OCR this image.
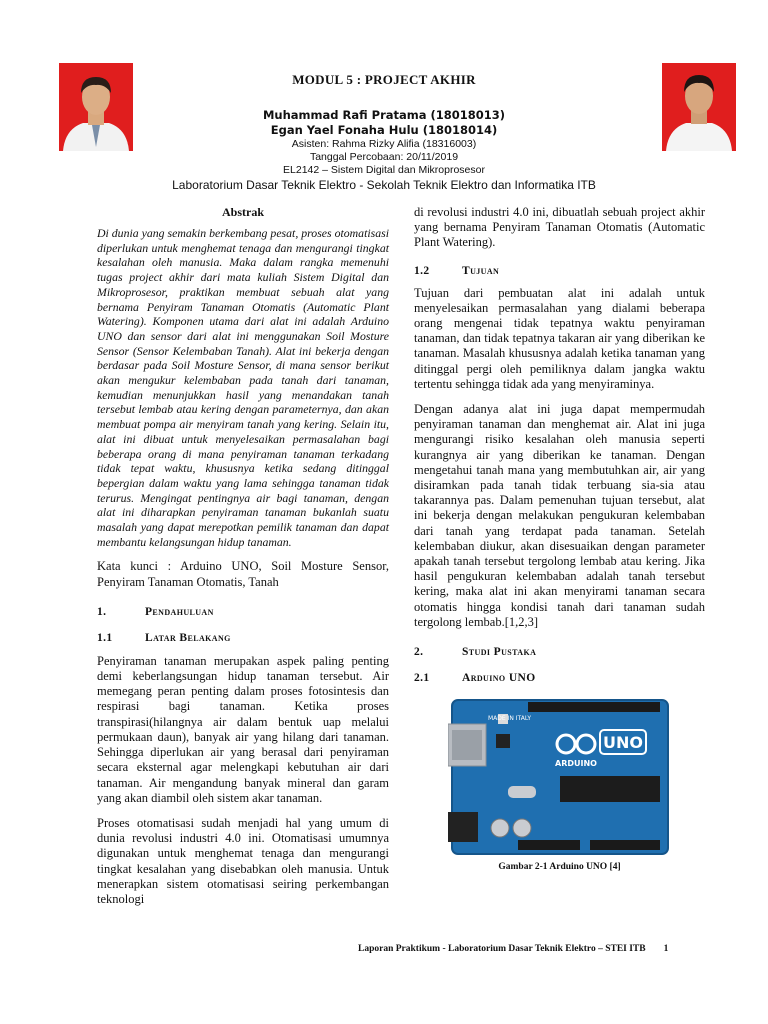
MODUL 5 : PROJECT AKHIR
Muhammad Rafi Pratama (18018013)
Egan Yael Fonaha Hulu (18018014)
Asisten: Rahma Rizky Alifia (18316003)
Tanggal Percobaan: 20/11/2019
EL2142 – Sistem Digital dan Mikroprosesor
Laboratorium Dasar Teknik Elektro - Sekolah Teknik Elektro dan Informatika ITB
Abstrak

Di dunia yang semakin berkembang pesat, proses otomatisasi diperlukan untuk menghemat tenaga dan mengurangi tingkat kesalahan oleh manusia. Maka dalam rangka memenuhi tugas project akhir dari mata kuliah Sistem Digital dan Mikroprosesor, praktikan membuat sebuah alat yang bernama Penyiram Tanaman Otomatis (Automatic Plant Watering). Komponen utama dari alat ini adalah Arduino UNO dan sensor dari alat ini menggunakan Soil Mosture Sensor (Sensor Kelembaban Tanah). Alat ini bekerja dengan berdasar pada Soil Mosture Sensor, di mana sensor berikut akan mengukur kelembaban pada tanah dari tanaman, kemudian menunjukkan hasil yang menandakan tanah tersebut lembab atau kering dengan parameternya, dan akan membuat pompa air menyiram tanah yang kering. Selain itu, alat ini dibuat untuk menyelesaikan permasalahan bagi beberapa orang di mana penyiraman tanaman terkadang tidak tepat waktu, khususnya ketika sedang ditinggal bepergian dalam waktu yang lama sehingga tanaman tidak terurus. Mengingat pentingnya air bagi tanaman, dengan alat ini diharapkan penyiraman tanaman bukanlah suatu masalah yang dapat merepotkan pemilik tanaman dan dapat membantu kelangsungan hidup tanaman.

Kata kunci : Arduino UNO, Soil Mosture Sensor, Penyiram Tanaman Otomatis, Tanah

1.	Pendahuluan
1.1	Latar Belakang

Penyiraman tanaman merupakan aspek paling penting demi keberlangsungan hidup tanaman tersebut. Air memegang peran penting dalam proses fotosintesis dan respirasi bagi tanaman. Ketika proses transpirasi(hilangnya air dalam bentuk uap melalui permukaan daun), banyak air yang hilang dari tanaman. Sehingga diperlukan air yang berasal dari penyiraman secara eksternal agar melengkapi kebutuhan air dari tanaman. Air mengandung banyak mineral dan garam yang akan diambil oleh sistem akar tanaman.

Proses otomatisasi sudah menjadi hal yang umum di dunia revolusi industri 4.0 ini. Otomatisasi umumnya digunakan untuk menghemat tenaga dan mengurangi tingkat kesalahan yang disebabkan oleh manusia. Untuk menerapkan sistem otomatisasi seiring perkembangan teknologi

di revolusi industri 4.0 ini, dibuatlah sebuah project akhir yang bernama Penyiram Tanaman Otomatis (Automatic Plant Watering).

1.2	Tujuan

Tujuan dari pembuatan alat ini adalah untuk menyelesaikan permasalahan yang dialami beberapa orang mengenai tidak tepatnya waktu penyiraman tanaman, dan tidak tepatnya takaran air yang diberikan ke tanaman. Masalah khususnya adalah ketika tanaman yang ditinggal pergi oleh pemiliknya dalam jangka waktu tertentu sehingga tidak ada yang menyiraminya.

Dengan adanya alat ini juga dapat mempermudah penyiraman tanaman dan menghemat air. Alat ini juga mengurangi risiko kesalahan oleh manusia seperti kurangnya air yang diberikan ke tanaman. Dengan mengetahui tanah mana yang membutuhkan air, air yang disiramkan pada tanah tidak terbuang sia-sia atau takarannya pas. Dalam pemenuhan tujuan tersebut, alat ini bekerja dengan melakukan pengukuran kelembaban dari tanah yang terdapat pada tanaman. Setelah kelembaban diukur, akan disesuaikan dengan parameter apakah tanah tersebut tergolong lembab atau kering. Jika hasil pengukuran kelembaban adalah tanah tersebut kering, maka alat ini akan menyirami tanaman secara otomatis hingga kondisi tanah dari tanaman sudah tergolong lembab.[1,2,3]

2.	Studi Pustaka
2.1	Arduino UNO
UNO
ARDUINO
MADE IN ITALY
Gambar 2-1 Arduino UNO [4]
Laporan Praktikum - Laboratorium Dasar Teknik Elektro – STEI ITB 1
